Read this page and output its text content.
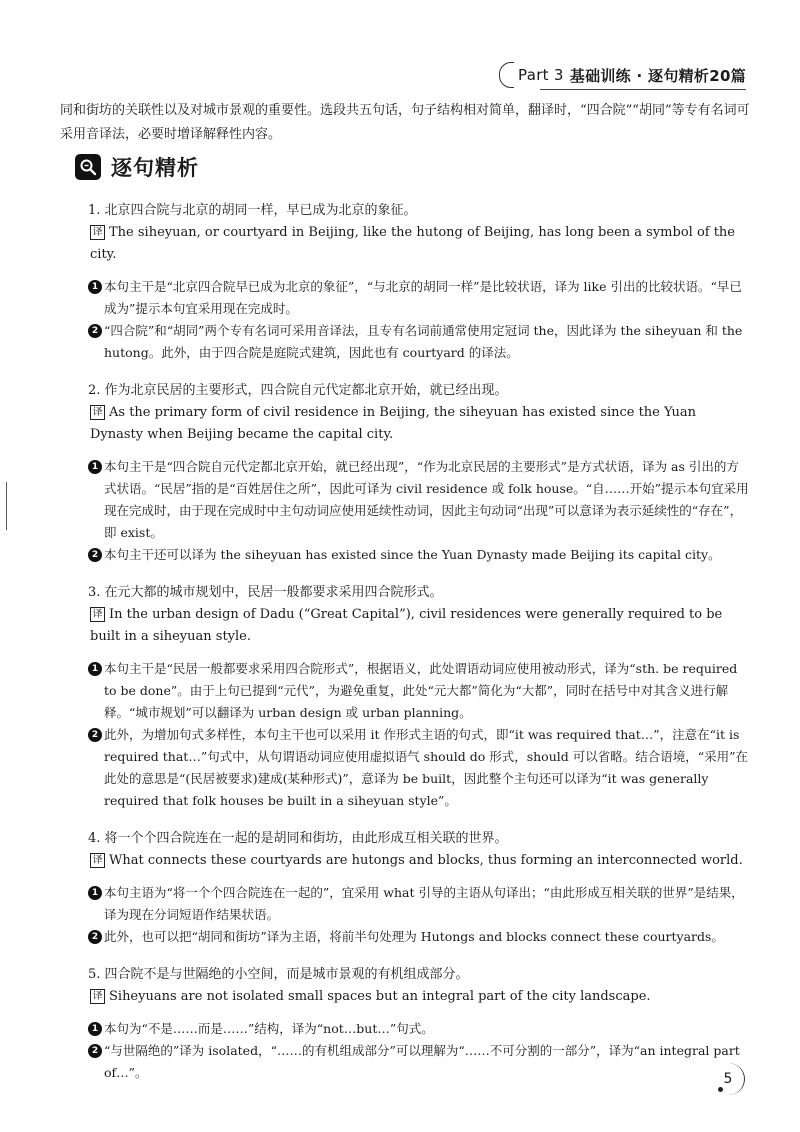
Part 3 基础训练 · 逐句精析20篇
同和街坊的关联性以及对城市景观的重要性。选段共五句话，句子结构相对简单，翻译时，“四合院”“胡同”等专有名词可采用音译法，必要时增译解释性内容。
逐句精析
1. 北京四合院与北京的胡同一样，早已成为北京的象征。
译 The siheyuan, or courtyard in Beijing, like the hutong of Beijing, has long been a symbol of the city.
1 本句主干是“北京四合院早已成为北京的象征”，“与北京的胡同一样”是比较状语，译为 like 引出的比较状语。“早已成为”提示本句宜采用现在完成时。
2 “四合院”和“胡同”两个专有名词可采用音译法，且专有名词前通常使用定冠词 the，因此译为 the siheyuan 和 the hutong。此外，由于四合院是庭院式建筑，因此也有 courtyard 的译法。
2. 作为北京民居的主要形式，四合院自元代定都北京开始，就已经出现。
译 As the primary form of civil residence in Beijing, the siheyuan has existed since the Yuan Dynasty when Beijing became the capital city.
1 本句主干是“四合院自元代定都北京开始，就已经出现”，“作为北京民居的主要形式”是方式状语，译为 as 引出的方式状语。“民居”指的是“百姓居住之所”，因此可译为 civil residence 或 folk house。“自……开始”提示本句宜采用现在完成时，由于现在完成时中主句动词应使用延续性动词，因此主句动词“出现”可以意译为表示延续性的“存在”，即 exist。
2 本句主干还可以译为 the siheyuan has existed since the Yuan Dynasty made Beijing its capital city。
3. 在元大都的城市规划中，民居一般都要求采用四合院形式。
译 In the urban design of Dadu (“Great Capital”), civil residences were generally required to be built in a siheyuan style.
1 本句主干是“民居一般都要求采用四合院形式”，根据语义，此处谓语动词应使用被动形式，译为“sth. be required to be done”。由于上句已提到“元代”，为避免重复，此处“元大都”简化为“大都”，同时在括号中对其含义进行解释。“城市规划”可以翻译为 urban design 或 urban planning。
2 此外，为增加句式多样性，本句主干也可以采用 it 作形式主语的句式，即“it was required that…”，注意在“it is required that…”句式中，从句谓语动词应使用虚拟语气 should do 形式，should 可以省略。结合语境，“采用”在此处的意思是“(民居被要求)建成(某种形式)”，意译为 be built，因此整个主句还可以译为“it was generally required that folk houses be built in a siheyuan style”。
4. 将一个个四合院连在一起的是胡同和街坊，由此形成互相关联的世界。
译 What connects these courtyards are hutongs and blocks, thus forming an interconnected world.
1 本句主语为“将一个个四合院连在一起的”，宜采用 what 引导的主语从句译出；“由此形成互相关联的世界”是结果，译为现在分词短语作结果状语。
2 此外，也可以把“胡同和街坊”译为主语，将前半句处理为 Hutongs and blocks connect these courtyards。
5. 四合院不是与世隔绝的小空间，而是城市景观的有机组成部分。
译 Siheyuans are not isolated small spaces but an integral part of the city landscape.
1 本句为“不是……而是……”结构，译为“not…but…”句式。
2 “与世隔绝的”译为 isolated，“……的有机组成部分”可以理解为“……不可分割的一部分”，译为“an integral part of…”。	5
